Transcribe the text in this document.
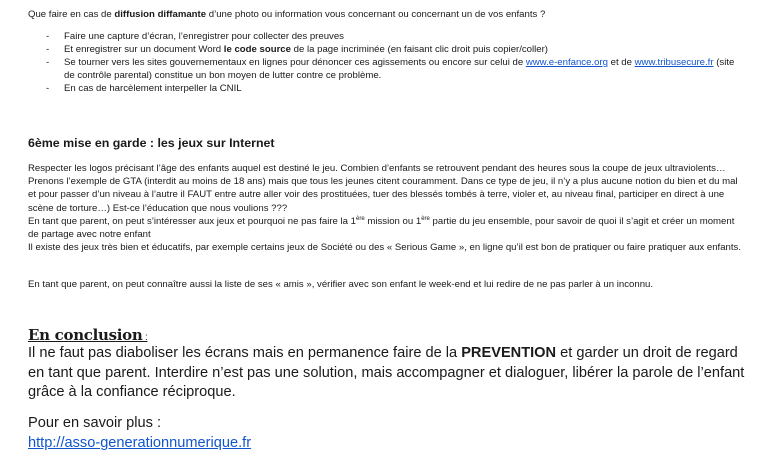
Que faire en cas de diffusion diffamante d’une photo ou information vous concernant ou concernant un de vos enfants ?

- Faire une capture d’écran, l’enregistrer pour collecter des preuves
- Et enregistrer sur un document Word le code source de la page incriminée (en faisant clic droit puis copier/coller)
- Se tourner vers les sites gouvernementaux en lignes pour dénoncer ces agissements ou encore sur celui de www.e-enfance.org et de www.tribusecure.fr (site de contrôle parental) constitue un bon moyen de lutter contre ce problème.
- En cas de harcèlement interpeller la CNIL
6ème mise en garde : les jeux sur Internet

Respecter les logos précisant l’âge des enfants auquel est destiné le jeu. Combien d’enfants se retrouvent pendant des heures sous la coupe de jeux ultraviolents… Prenons l’exemple de GTA (interdit au moins de 18 ans) mais que tous les jeunes citent couramment. Dans ce type de jeu, il n’y a plus aucune notion du bien et du mal et pour passer d’un niveau à l’autre il FAUT entre autre aller voir des prostituées, tuer des blessés tombés à terre, violer et, au niveau final, participer en direct à une scène de torture…) Est-ce l’éducation que nous voulions ???
En tant que parent, on peut s’intéresser aux jeux et pourquoi ne pas faire la 1ère mission ou 1ère partie du jeu ensemble, pour savoir de quoi il s’agit et créer un moment de partage avec notre enfant
Il existe des jeux très bien et éducatifs, par exemple certains jeux de Société ou des « Serious Game », en ligne qu’il est bon de pratiquer ou faire pratiquer aux enfants.

En tant que parent, on peut connaître aussi la liste de ses « amis », vérifier avec son enfant le week-end et lui redire de ne pas parler à un inconnu.

En conclusion :

Il ne faut pas diaboliser les écrans mais en permanence faire de la PREVENTION et garder un droit de regard en tant que parent. Interdire n’est pas une solution, mais accompagner et dialoguer, libérer la parole de l’enfant grâce à la confiance réciproque.

Pour en savoir plus :

http://asso-generationnumerique.fr
